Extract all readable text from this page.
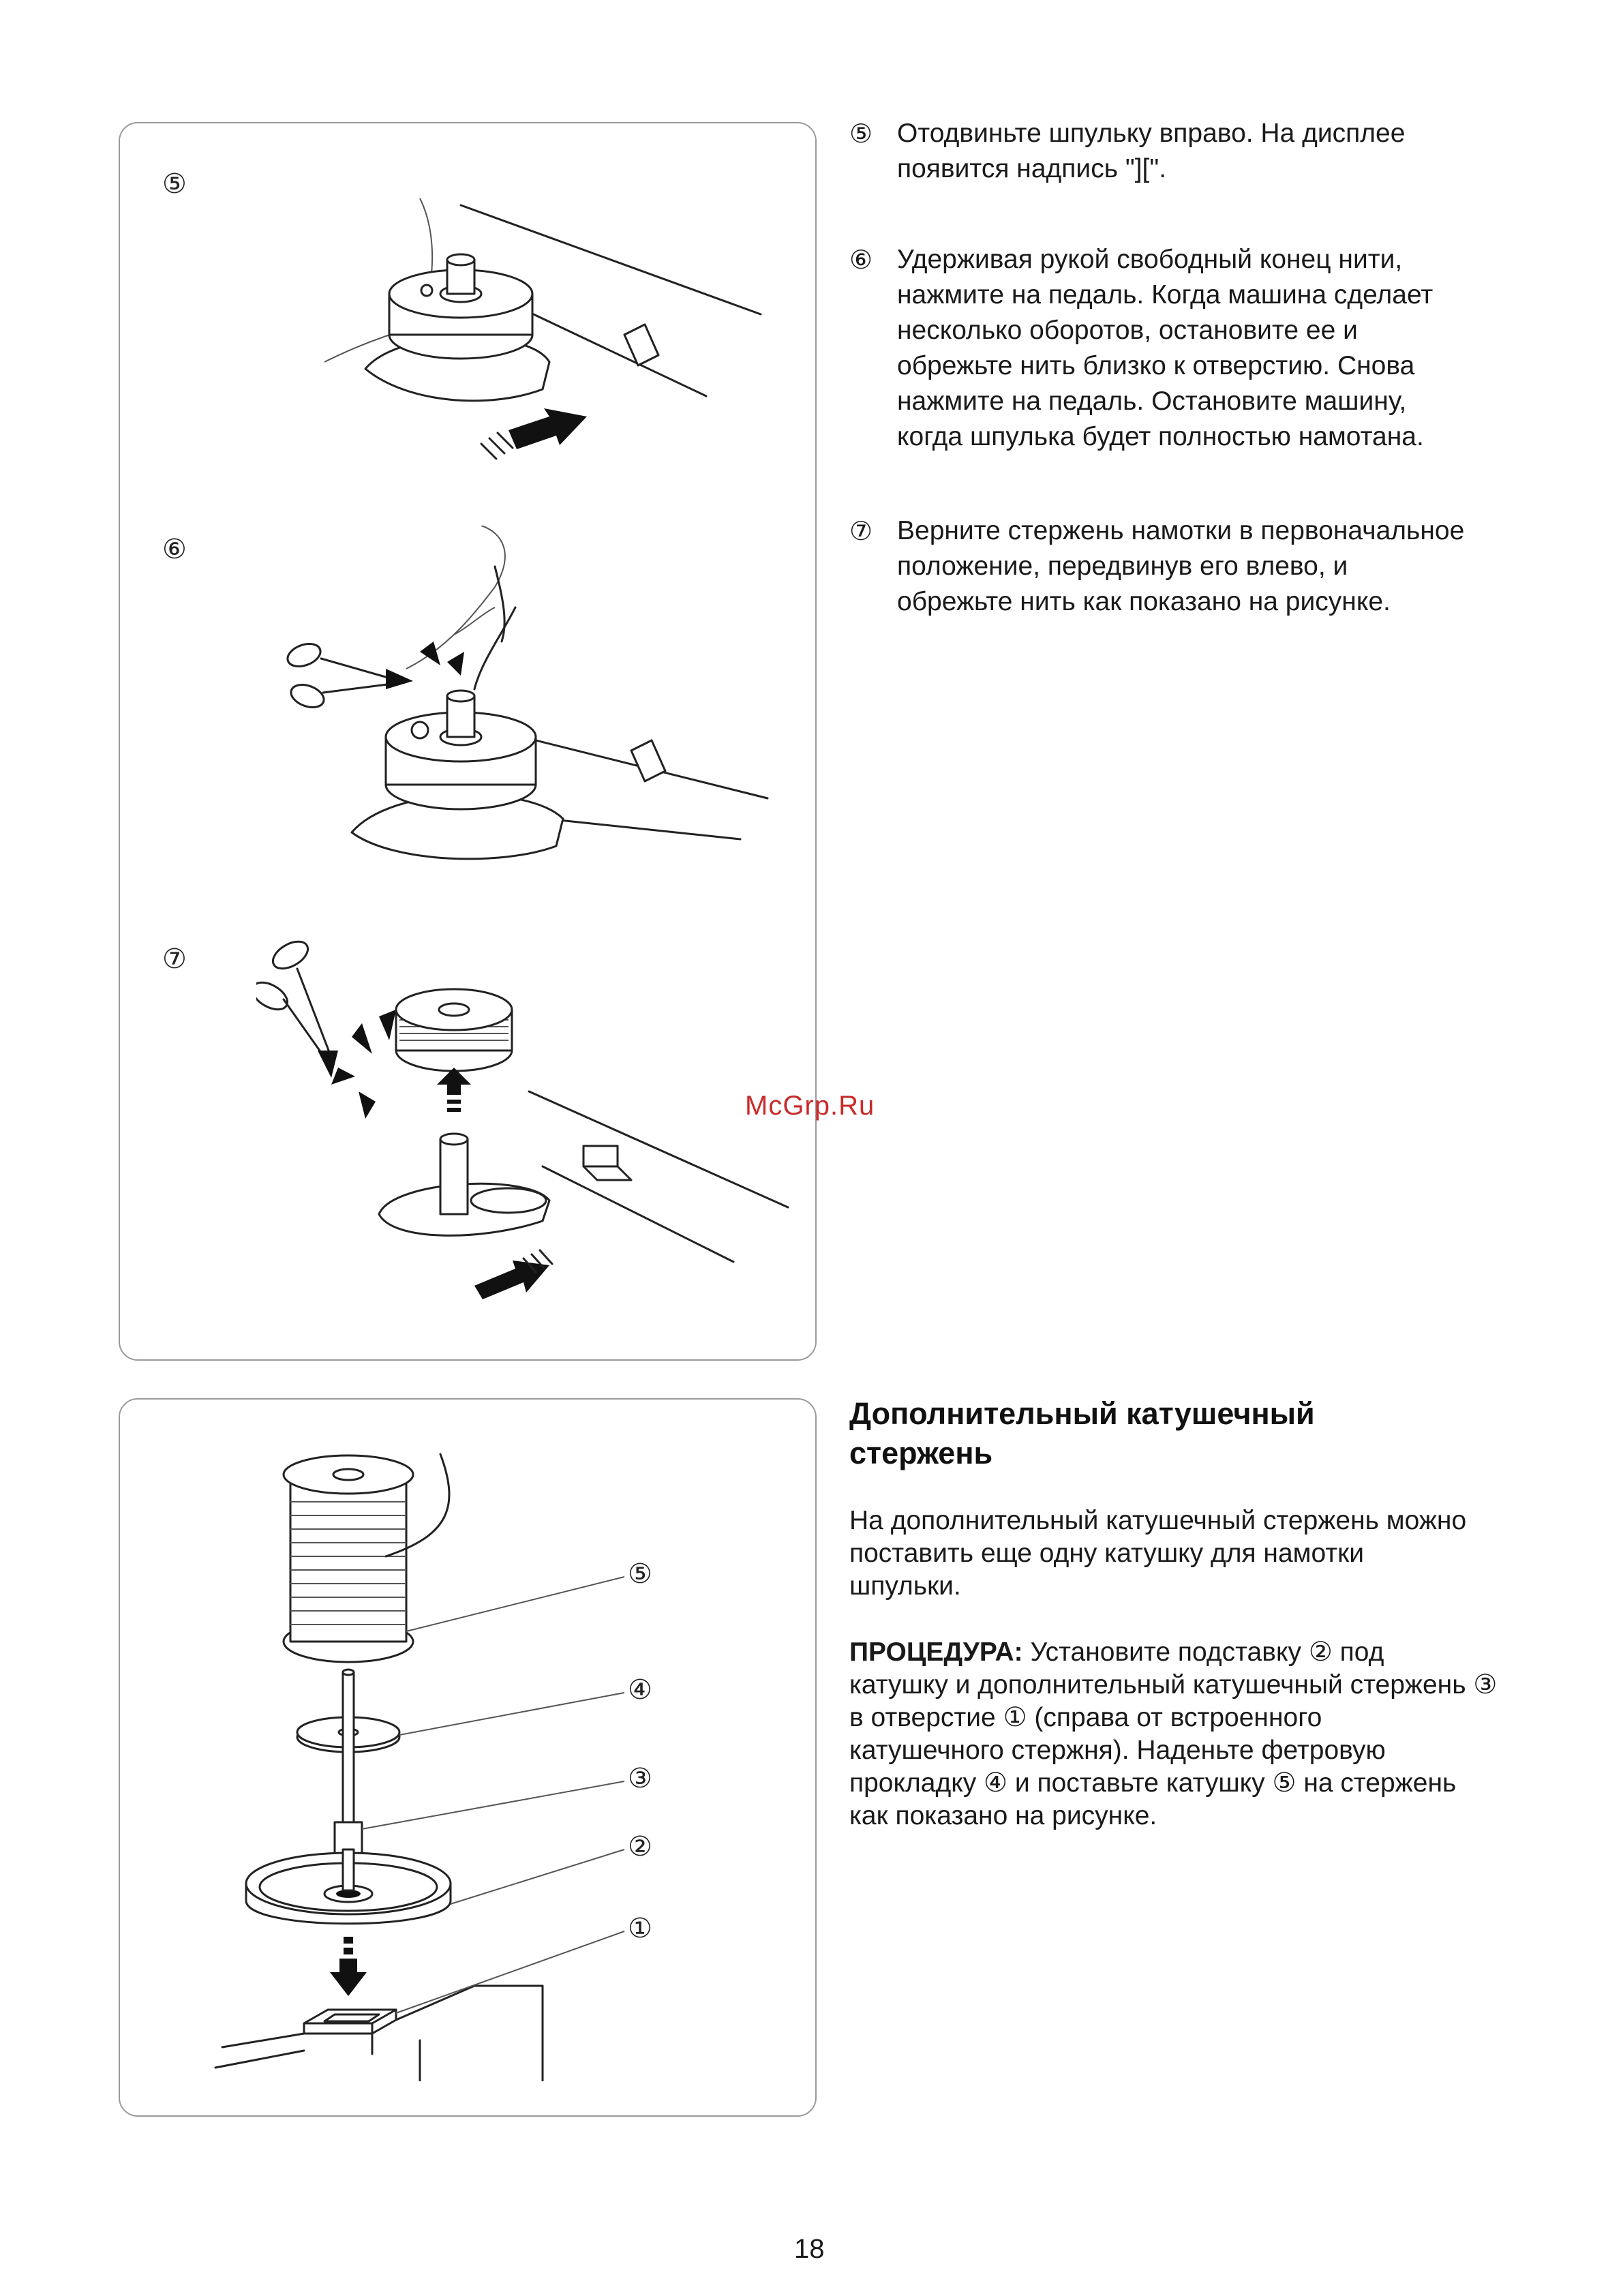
⑤
⑥
⑦
⑤
④
③
②
①
⑤ Отодвиньте шпульку вправо. На дисплее
появится надпись "][".
⑥ Удерживая рукой свободный конец нити,
нажмите на педаль. Когда машина сделает
несколько оборотов, остановите ее и
обрежьте нить близко к отверстию. Снова
нажмите на педаль. Остановите машину,
когда шпулька будет полностью намотана.
⑦ Верните стержень намотки в первоначальное
положение, передвинув его влево, и
обрежьте нить как показано на рисунке.
Дополнительный катушечный
стержень
На дополнительный катушечный стержень можно
поставить еще одну катушку для намотки
шпульки.
ПРОЦЕДУРА: Установите подставку ② под
катушку и дополнительный катушечный стержень ③
в отверстие ① (справа от встроенного
катушечного стержня). Наденьте фетровую
прокладку ④ и поставьте катушку ⑤ на стержень
как показано на рисунке.
McGrp.Ru
18
